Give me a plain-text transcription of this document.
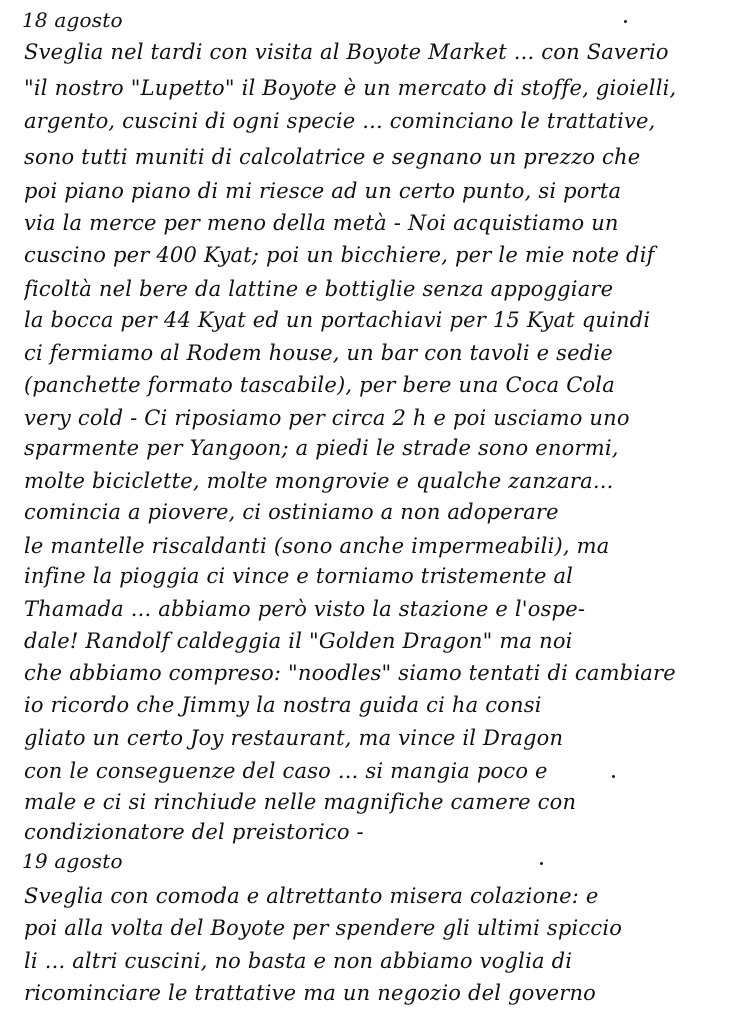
18 agosto
Sveglia nel tardi con visita al Boyote Market ... con Saverio
"il nostro "Lupetto" il Boyote è un mercato di stoffe, gioielli,
argento, cuscini di ogni specie ... cominciano le trattative,
sono tutti muniti di calcolatrice e segnano un prezzo che
poi piano piano di mi riesce ad un certo punto, si porta
via la merce per meno della metà - Noi acquistiamo un
cuscino per 400 Kyat; poi un bicchiere, per le mie note dif
ficoltà nel bere da lattine e bottiglie senza appoggiare
la bocca per 44 Kyat ed un portachiavi per 15 Kyat quindi
ci fermiamo al Rodem house, un bar con tavoli e sedie
(panchette formato tascabile), per bere una Coca Cola
very cold - Ci riposiamo per circa 2 h e poi usciamo uno
sparmente per Yangoon; a piedi le strade sono enormi,
molte biciclette, molte mongrovie e qualche zanzara...
comincia a piovere, ci ostiniamo a non adoperare
le mantelle riscaldanti (sono anche impermeabili), ma
infine la pioggia ci vince e torniamo tristemente al
Thamada ... abbiamo però visto la stazione e l'ospe-
dale! Randolf caldeggia il "Golden Dragon" ma noi
che abbiamo compreso: "noodles" siamo tentati di cambiare
io ricordo che Jimmy la nostra guida ci ha consi
gliato un certo Joy restaurant, ma vince il Dragon
con le conseguenze del caso ... si mangia poco e
male e ci si rinchiude nelle magnifiche camere con
condizionatore del preistorico -
19 agosto
Sveglia con comoda e altrettanto misera colazione: e
poi alla volta del Boyote per spendere gli ultimi spiccio
li ... altri cuscini, no basta e non abbiamo voglia di
ricominciare le trattative ma un negozio del governo
